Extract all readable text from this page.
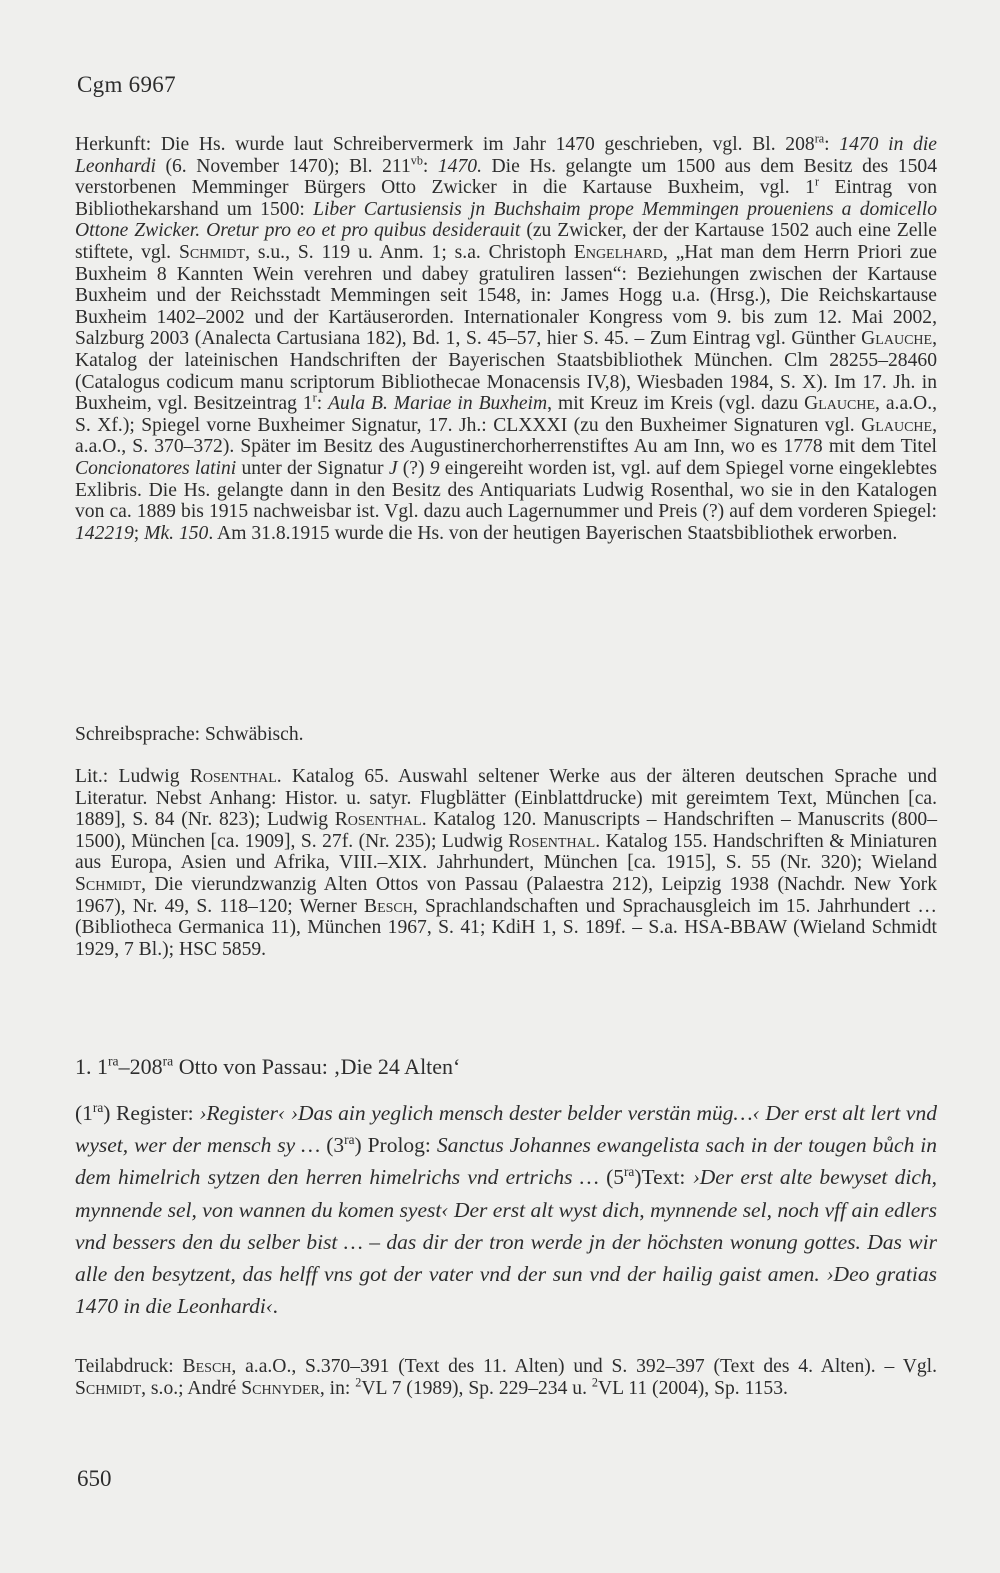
Cgm 6967
Herkunft: Die Hs. wurde laut Schreibervermerk im Jahr 1470 geschrieben, vgl. Bl. $208^{ra}$: 1470 in die Leonhardi (6. November 1470); Bl. $211^{vb}$: 1470. Die Hs. gelangte um 1500 aus dem Besitz des 1504 verstorbenen Memminger Bürgers Otto Zwicker in die Kartause Buxheim, vgl. 1$^r$ Eintrag von Bibliothekarshand um 1500: Liber Cartusiensis jn Buchshaim prope Memmingen proueniens a domicello Ottone Zwicker. Oretur pro eo et pro quibus desiderauit (zu Zwicker, der der Kartause 1502 auch eine Zelle stiftete, vgl. Schmidt, s.u., S. 119 u. Anm. 1; s.a. Christoph Engelhard, „Hat man dem Herrn Priori zue Buxheim 8 Kannten Wein verehren und dabey gratuliren lassen“: Beziehungen zwischen der Kartause Buxheim und der Reichsstadt Memmingen seit 1548, in: James Hogg u.a. (Hrsg.), Die Reichskartause Buxheim 1402–2002 und der Kartäuserorden. Internationaler Kongress vom 9. bis zum 12. Mai 2002, Salzburg 2003 (Analecta Cartusiana 182), Bd. 1, S. 45–57, hier S. 45. – Zum Eintrag vgl. Günther Glauche, Katalog der lateinischen Handschriften der Bayerischen Staatsbibliothek München. Clm 28255–28460 (Catalogus codicum manu scriptorum Bibliothecae Monacensis IV,8), Wiesbaden 1984, S. X). Im 17. Jh. in Buxheim, vgl. Besitzeintrag 1$^r$: Aula B. Mariae in Buxheim, mit Kreuz im Kreis (vgl. dazu Glauche, a.a.O., S. Xf.); Spiegel vorne Buxheimer Signatur, 17. Jh.: CLXXXI (zu den Buxheimer Signaturen vgl. Glauche, a.a.O., S. 370–372). Später im Besitz des Augustinerchorherrenstiftes Au am Inn, wo es 1778 mit dem Titel Concionatores latini unter der Signatur J (?) 9 eingereiht worden ist, vgl. auf dem Spiegel vorne eingeklebtes Exlibris. Die Hs. gelangte dann in den Besitz des Antiquariats Ludwig Rosenthal, wo sie in den Katalogen von ca. 1889 bis 1915 nachweisbar ist. Vgl. dazu auch Lagernummer und Preis (?) auf dem vorderen Spiegel: 142219; Mk. 150. Am 31.8.1915 wurde die Hs. von der heutigen Bayerischen Staatsbibliothek erworben.
Schreibsprache: Schwäbisch.
Lit.: Ludwig Rosenthal. Katalog 65. Auswahl seltener Werke aus der älteren deutschen Sprache und Literatur. Nebst Anhang: Histor. u. satyr. Flugblätter (Einblattdrucke) mit gereimtem Text, München [ca. 1889], S. 84 (Nr. 823); Ludwig Rosenthal. Katalog 120. Manuscripts – Handschriften – Manuscrits (800–1500), München [ca. 1909], S. 27f. (Nr. 235); Ludwig Rosenthal. Katalog 155. Handschriften & Miniaturen aus Europa, Asien und Afrika, VIII.–XIX. Jahrhundert, München [ca. 1915], S. 55 (Nr. 320); Wieland Schmidt, Die vierundzwanzig Alten Ottos von Passau (Palaestra 212), Leipzig 1938 (Nachdr. New York 1967), Nr. 49, S. 118–120; Werner Besch, Sprachlandschaften und Sprachausgleich im 15. Jahrhundert … (Bibliotheca Germanica 11), München 1967, S. 41; KdiH 1, S. 189f. – S.a. HSA-BBAW (Wieland Schmidt 1929, 7 Bl.); HSC 5859.
1. $1^{ra}-208^{ra}$ Otto von Passau: ‚Die 24 Alten‘
$(1^{ra})$ Register: ›Register‹ ›Das ain yeglich mensch dester belder verstän müg…‹ Der erst alt lert vnd wyset, wer der mensch sy … $(3^{ra})$ Prolog: Sanctus Johannes ewangelista sach in der tougen bůch in dem himelrich sytzen den herren himelrichs vnd ertrichs … $(5^{ra})Text$: ›Der erst alte bewyset dich, mynnende sel, von wannen du komen syest‹ Der erst alt wyst dich, mynnende sel, noch vff ain edlers vnd bessers den du selber bist … – das dir der tron werde jn der höchsten wonung gottes. Das wir alle den besytzent, das helff vns got der vater vnd der sun vnd der hailig gaist amen. ›Deo gratias 1470 in die Leonhardi‹.
Teilabdruck: Besch, a.a.O., S.370–391 (Text des 11. Alten) und S. 392–397 (Text des 4. Alten). – Vgl. Schmidt, s.o.; André Schnyder, in: $^2$VL 7 (1989), Sp. 229–234 u. $^2$VL 11 (2004), Sp. 1153.
650
